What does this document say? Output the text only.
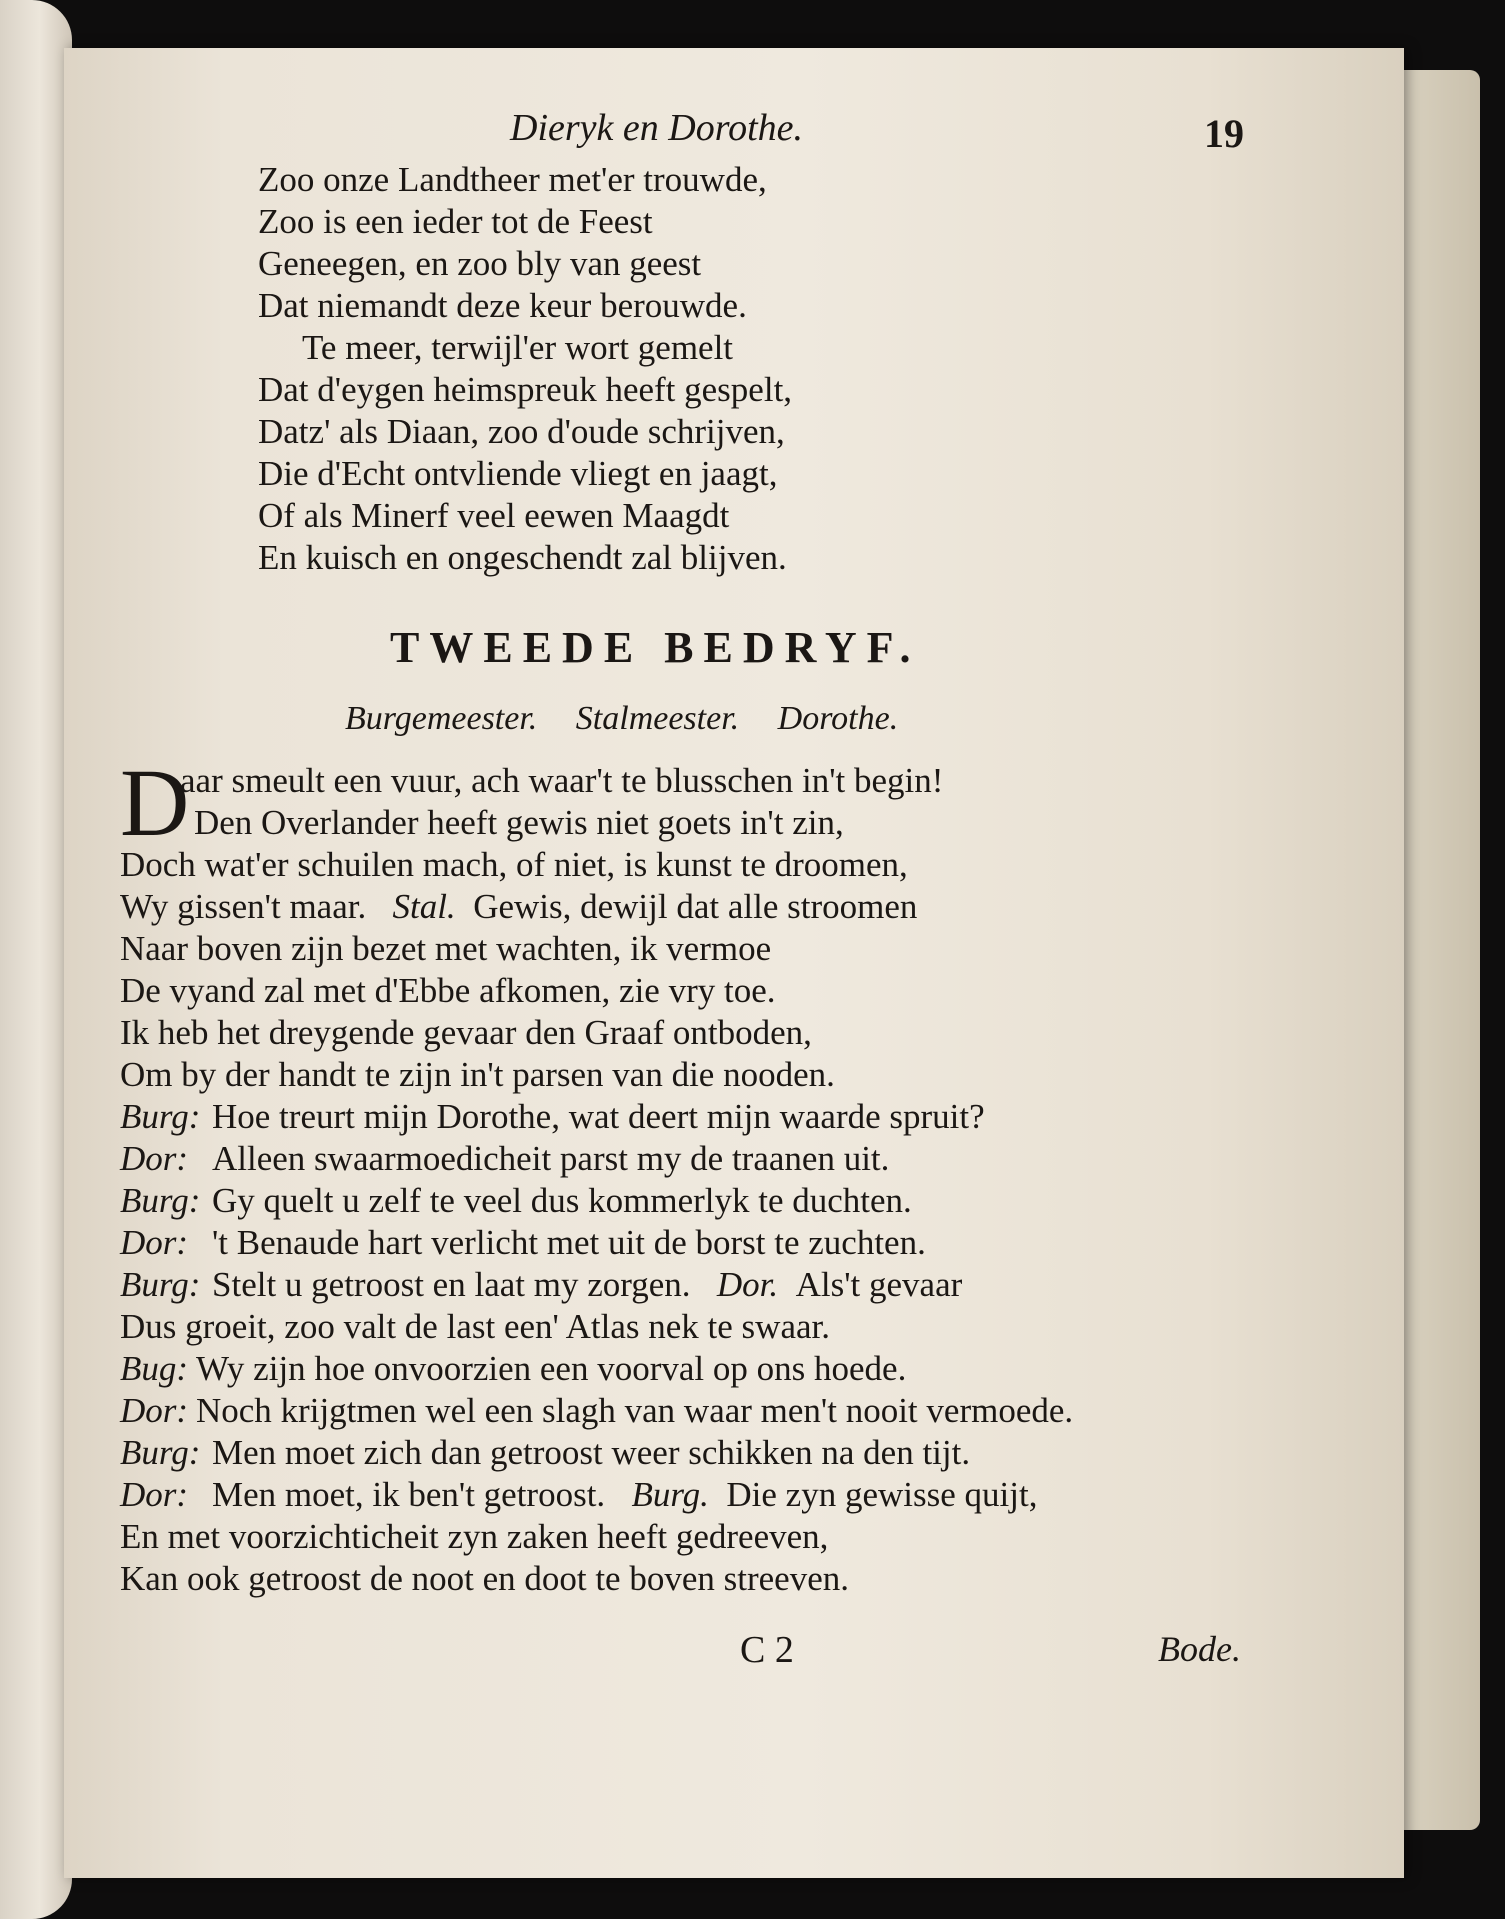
Dieryk en Dorothe.	19
Zoo onze Landtheer met'er trouwde,
Zoo is een ieder tot de Feest
Geneegen, en zoo bly van geest
Dat niemandt deze keur berouwde.
Te meer, terwijl'er wort gemelt
Dat d'eygen heimspreuk heeft gespelt,
Datz' als Diaan, zoo d'oude schrijven,
Die d'Echt ontvliende vliegt en jaagt,
Of als Minerf veel eewen Maagdt
En kuisch en ongeschendt zal blijven.
TWEEDE BEDRYF.
Burgemeester. Stalmeester. Dorothe.
D
aar smeult een vuur, ach waar't te blusschen in't begin!
Den Overlander heeft gewis niet goets in't zin,
Doch wat'er schuilen mach, of niet, is kunst te droomen,
Wy gissen't maar. Stal. Gewis, dewijl dat alle stroomen
Naar boven zijn bezet met wachten, ik vermoe
De vyand zal met d'Ebbe afkomen, zie vry toe.
Ik heb het dreygende gevaar den Graaf ontboden,
Om by der handt te zijn in't parsen van die nooden.
Burg: Hoe treurt mijn Dorothe, wat deert mijn waarde spruit?
Dor: Alleen swaarmoedicheit parst my de traanen uit.
Burg: Gy quelt u zelf te veel dus kommerlyk te duchten.
Dor: 't Benaude hart verlicht met uit de borst te zuchten.
Burg: Stelt u getroost en laat my zorgen. Dor. Als't gevaar
Dus groeit, zoo valt de last een' Atlas nek te swaar.
Bug: Wy zijn hoe onvoorzien een voorval op ons hoede.
Dor: Noch krijgtmen wel een slagh van waar men't nooit vermoede.
Burg: Men moet zich dan getroost weer schikken na den tijt.
Dor: Men moet, ik ben't getroost. Burg. Die zyn gewisse quijt,
En met voorzichticheit zyn zaken heeft gedreeven,
Kan ook getroost de noot en doot te boven streeven.
C 2	Bode.
